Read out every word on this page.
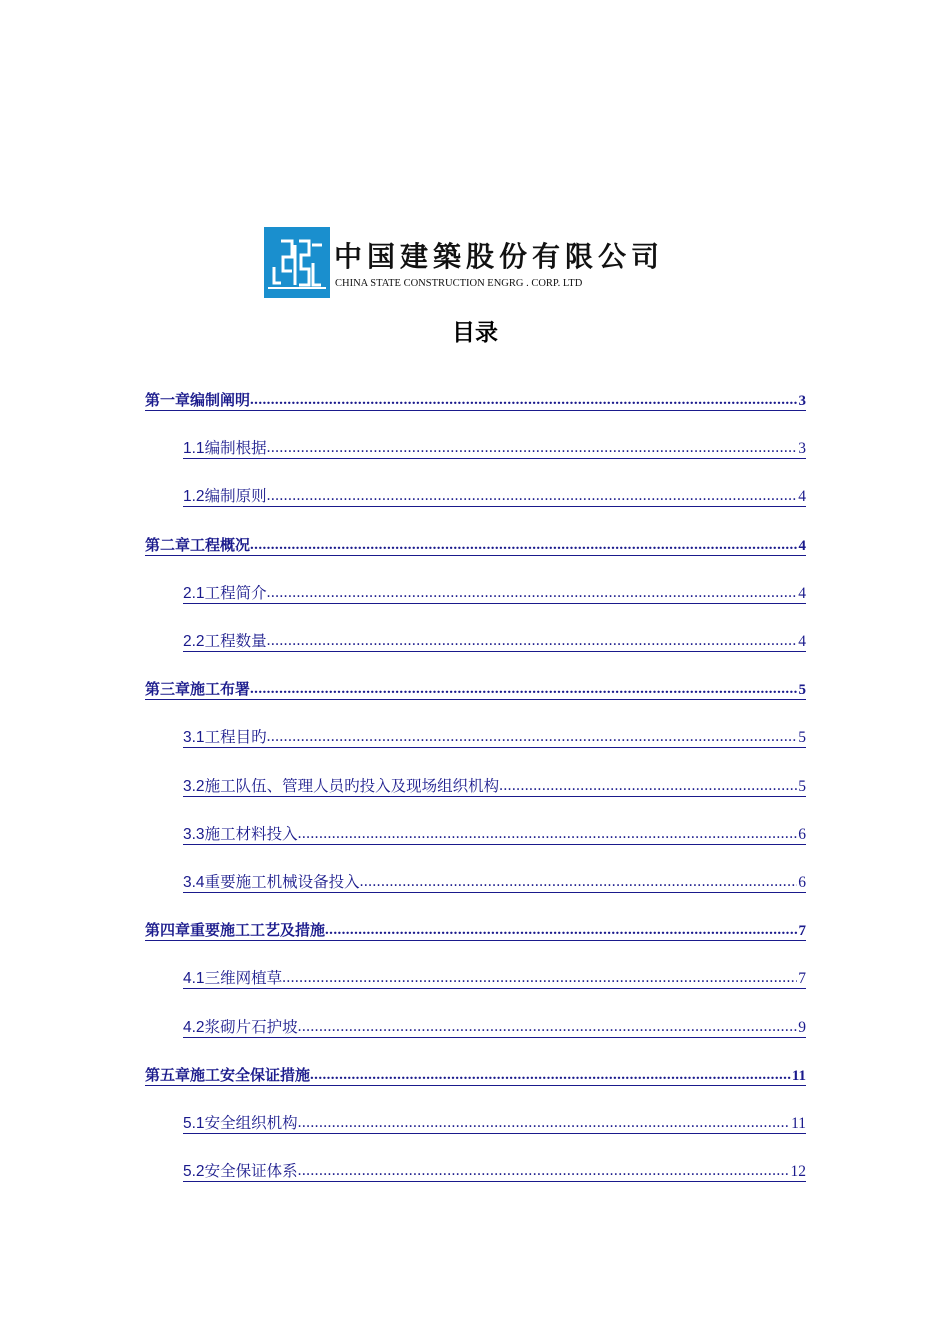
中国建築股份有限公司
CHINA STATE CONSTRUCTION ENGRG . CORP. LTD
目录
第一章 编制阐明 .....	3
1.1 编制根据 .....	3
1.2 编制原则 .....	4
第二章 工程概况 .....	4
2.1 工程简介 .....	4
2.2 工程数量 .....	4
第三章 施工布署 .....	5
3.1 工程目旳 .....	5
3.2 施工队伍、管理人员旳投入及现场组织机构 .....	5
3.3 施工材料投入 .....	6
3.4 重要施工机械设备投入 .....	6
第四章 重要施工工艺及措施 .....	7
4.1 三维网植草 .....	7
4.2 浆砌片石护坡 .....	9
第五章 施工安全保证措施 .....	11
5.1 安全组织机构 .....	11
5.2 安全保证体系 .....	12
